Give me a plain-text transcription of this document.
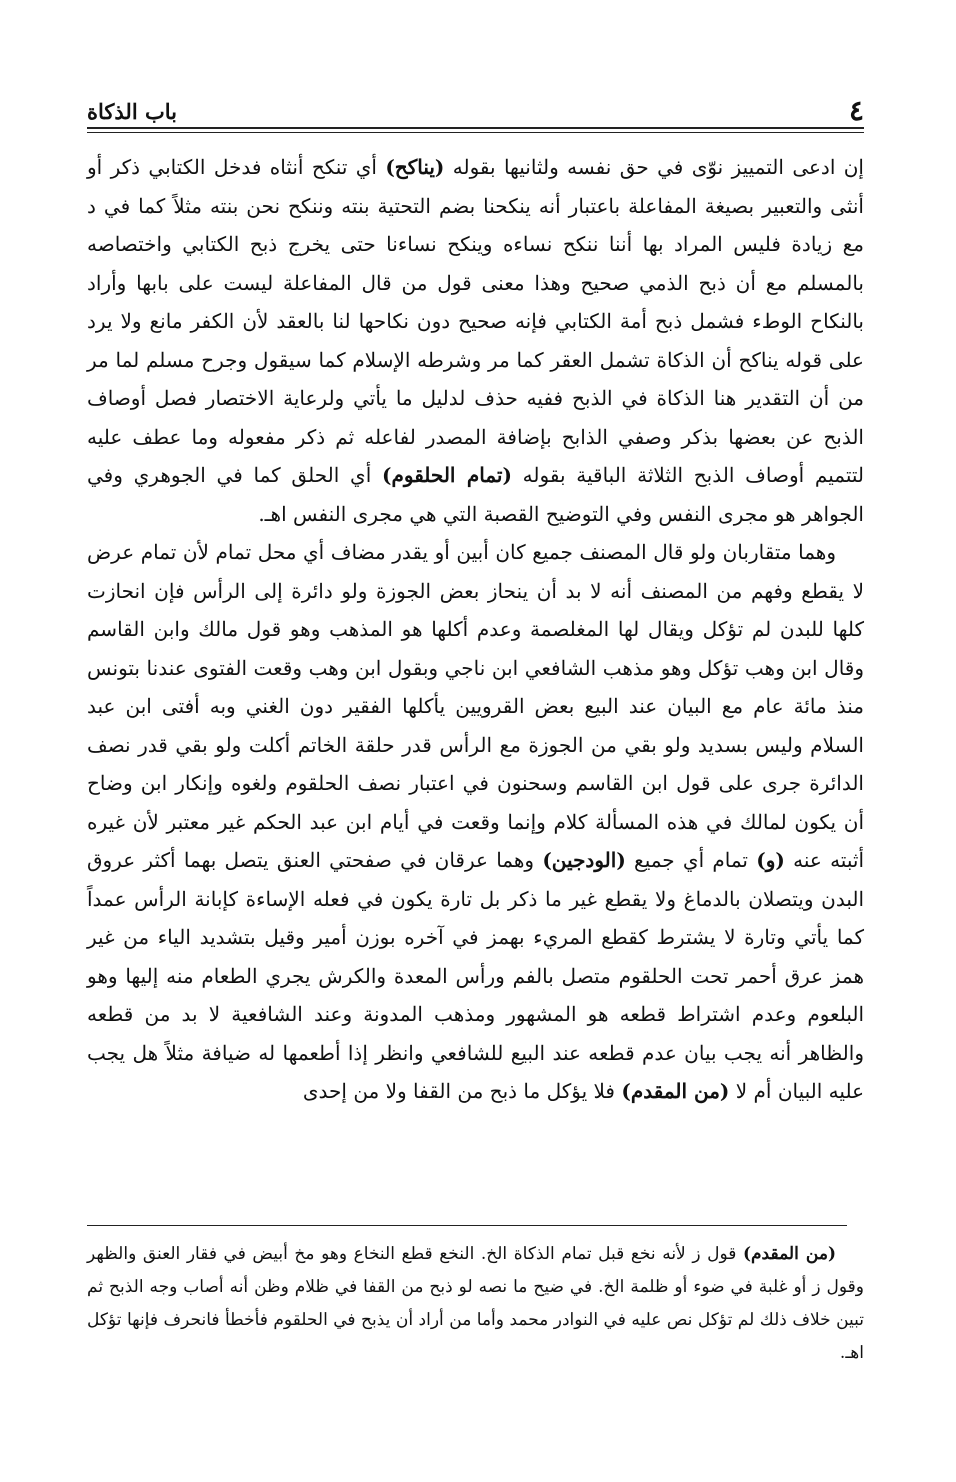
٤
باب الذكاة

إن ادعى التمييز نوّى في حق نفسه ولثانيها بقوله (يناكح) أي تنكح أنثاه فدخل الكتابي ذكر أو أنثى والتعبير بصيغة المفاعلة باعتبار أنه ينكحنا بضم التحتية بنته وننكح نحن بنته مثلاً كما في د مع زيادة فليس المراد بها أننا ننكح نساءه وينكح نساءنا حتى يخرج ذبح الكتابي واختصاصه بالمسلم مع أن ذبح الذمي صحيح وهذا معنى قول من قال المفاعلة ليست على بابها وأراد بالنكاح الوطء فشمل ذبح أمة الكتابي فإنه صحيح دون نكاحها لنا بالعقد لأن الكفر مانع ولا يرد على قوله يناكح أن الذكاة تشمل العقر كما مر وشرطه الإسلام كما سيقول وجرح مسلم لما مر من أن التقدير هنا الذكاة في الذبح ففيه حذف لدليل ما يأتي ولرعاية الاختصار فصل أوصاف الذبح عن بعضها بذكر وصفي الذابح بإضافة المصدر لفاعله ثم ذكر مفعوله وما عطف عليه لتتميم أوصاف الذبح الثلاثة الباقية بقوله (تمام الحلقوم) أي الحلق كما في الجوهري وفي الجواهر هو مجرى النفس وفي التوضيح القصبة التي هي مجرى النفس اهـ.

وهما متقاربان ولو قال المصنف جميع كان أبين أو يقدر مضاف أي محل تمام لأن تمام عرض لا يقطع وفهم من المصنف أنه لا بد أن ينحاز بعض الجوزة ولو دائرة إلى الرأس فإن انحازت كلها للبدن لم تؤكل ويقال لها المغلصمة وعدم أكلها هو المذهب وهو قول مالك وابن القاسم وقال ابن وهب تؤكل وهو مذهب الشافعي ابن ناجي وبقول ابن وهب وقعت الفتوى عندنا بتونس منذ مائة عام مع البيان عند البيع بعض القرويين يأكلها الفقير دون الغني وبه أفتى ابن عبد السلام وليس بسديد ولو بقي من الجوزة مع الرأس قدر حلقة الخاتم أكلت ولو بقي قدر نصف الدائرة جرى على قول ابن القاسم وسحنون في اعتبار نصف الحلقوم ولغوه وإنكار ابن وضاح أن يكون لمالك في هذه المسألة كلام وإنما وقعت في أيام ابن عبد الحكم غير معتبر لأن غيره أثبته عنه (و) تمام أي جميع (الودجين) وهما عرقان في صفحتي العنق يتصل بهما أكثر عروق البدن ويتصلان بالدماغ ولا يقطع غير ما ذكر بل تارة يكون في فعله الإساءة كإبانة الرأس عمداً كما يأتي وتارة لا يشترط كقطع المريء بهمز في آخره بوزن أمير وقيل بتشديد الياء من غير همز عرق أحمر تحت الحلقوم متصل بالفم ورأس المعدة والكرش يجري الطعام منه إليها وهو البلعوم وعدم اشتراط قطعه هو المشهور ومذهب المدونة وعند الشافعية لا بد من قطعه والظاهر أنه يجب بيان عدم قطعه عند البيع للشافعي وانظر إذا أطعمها له ضيافة مثلاً هل يجب عليه البيان أم لا (من المقدم) فلا يؤكل ما ذبح من القفا ولا من إحدى

(من المقدم) قول ز لأنه نخع قبل تمام الذكاة الخ. النخع قطع النخاع وهو مخ أبيض في فقار العنق والظهر وقول ز أو غلبة في ضوء أو ظلمة الخ. في ضيح ما نصه لو ذبح من القفا في ظلام وظن أنه أصاب وجه الذبح ثم تبين خلاف ذلك لم تؤكل نص عليه في النوادر محمد وأما من أراد أن يذبح في الحلقوم فأخطأ فانحرف فإنها تؤكل اهـ.
